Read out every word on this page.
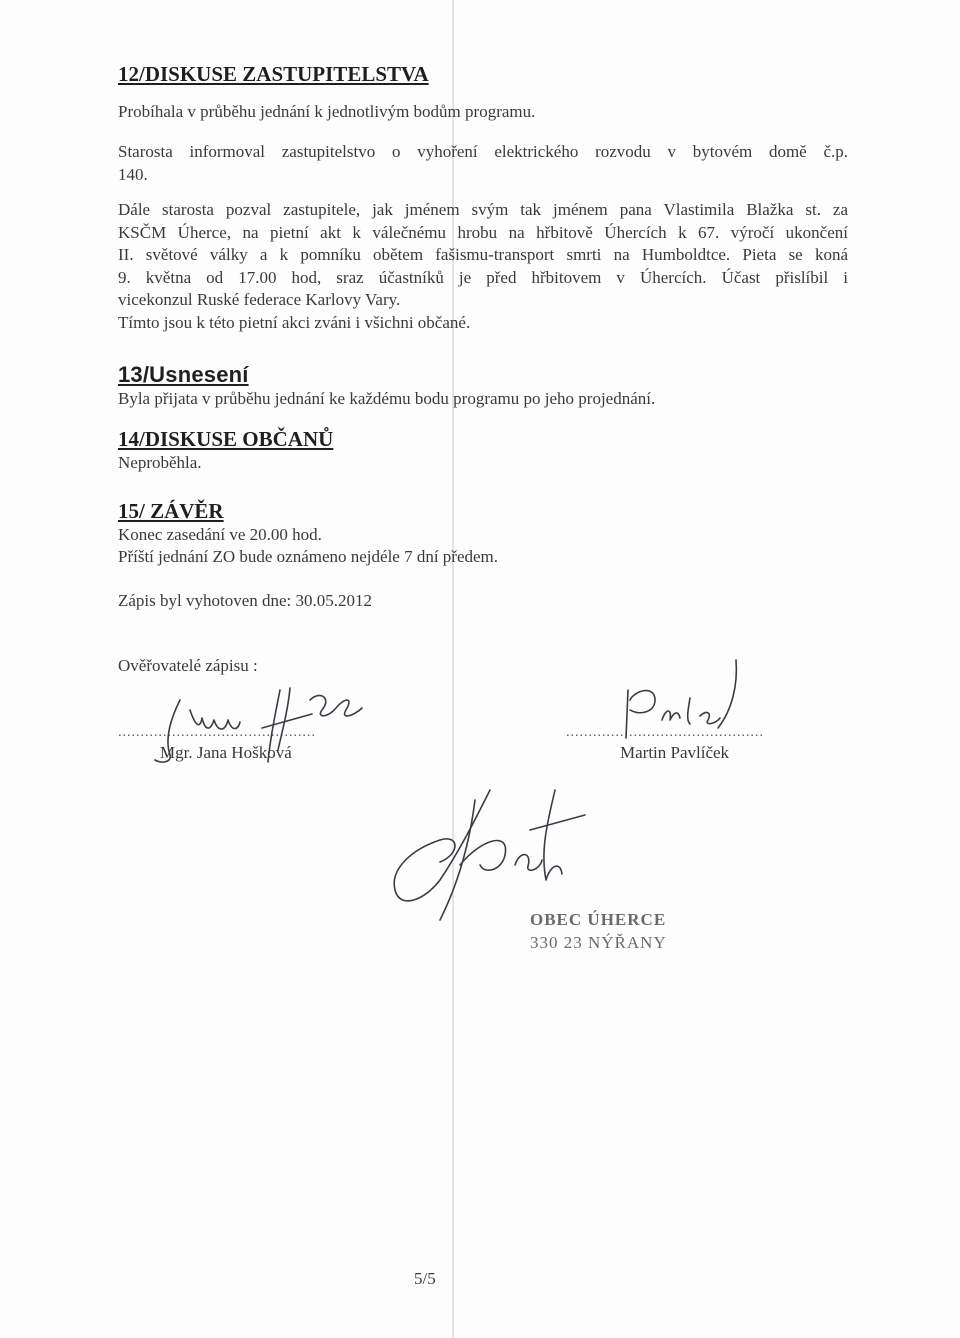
12/DISKUSE ZASTUPITELSTVA
Probíhala v průběhu jednání k jednotlivým bodům programu.

Starosta informoval zastupitelstvo o vyhoření elektrického rozvodu v bytovém domě č.p.

140.

Dále starosta pozval zastupitele, jak jménem svým tak jménem pana Vlastimila Blažka st. za

KSČM Úherce, na pietní akt k válečnému hrobu na hřbitově Úhercích k 67. výročí ukončení

II. světové války a k pomníku obětem fašismu-transport smrti na Humboldtce. Pieta se koná

9. května od 17.00 hod, sraz účastníků je před hřbitovem v Úhercích. Účast přislíbil i

vicekonzul Ruské federace Karlovy Vary.

Tímto jsou k této pietní akci zváni i všichni občané.

13/Usnesení
Byla přijata v průběhu jednání ke každému bodu programu po jeho projednání.
14/DISKUSE OBČANŮ
Neproběhla.
15/ ZÁVĚR
Konec zasedání ve 20.00 hod.
Příští jednání ZO bude oznámeno nejdéle 7 dní předem.
Zápis byl vyhotoven dne: 30.05.2012
Ověřovatelé zápisu :
............................................	............................................
Mgr. Jana Hošková	Martin Pavlíček
OBEC ÚHERCE
330 23 NÝŘANY
5/5
